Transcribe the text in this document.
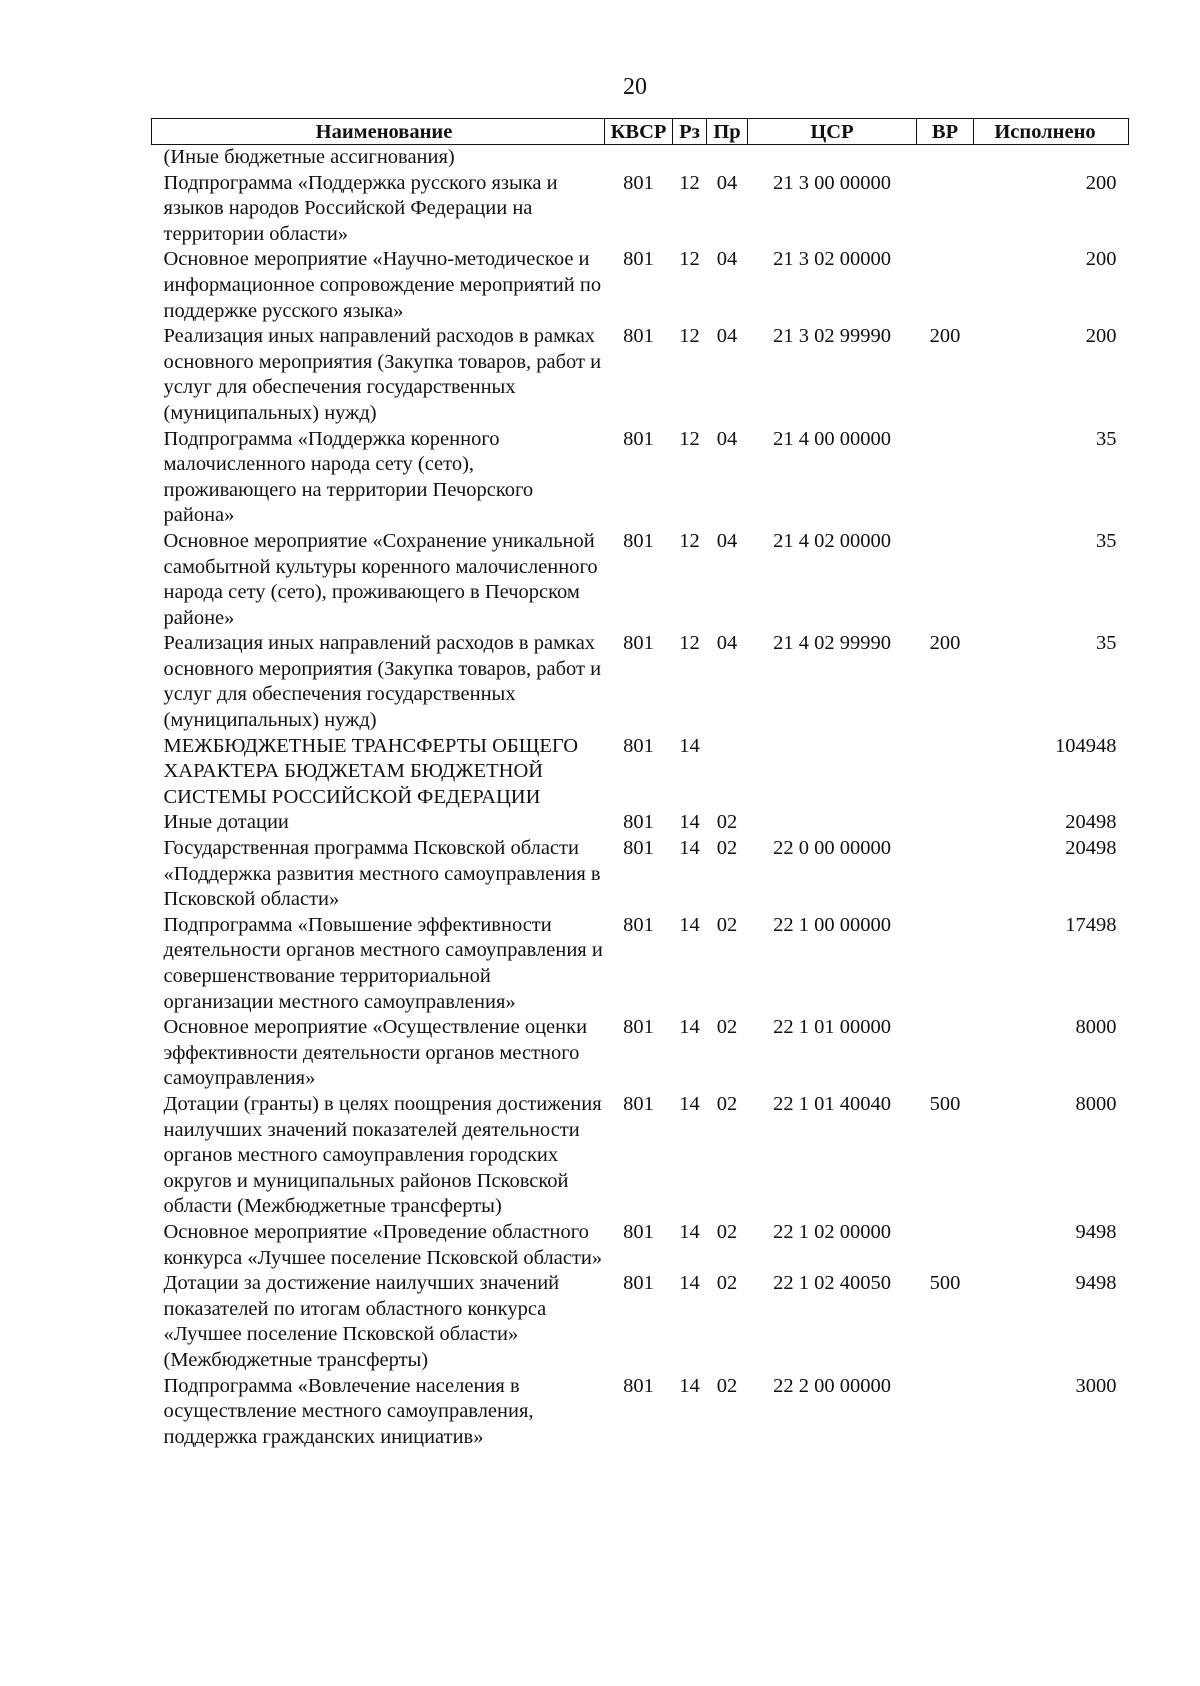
20
Наименование	КВСР	Рз	Пр	ЦСР	ВР	Исполнено
(Иные бюджетные ассигнования)						
Подпрограмма «Поддержка русского языка и языков народов Российской Федерации на территории области»	801	12	04	21 3 00 00000		200
Основное мероприятие «Научно-методическое и информационное сопровождение мероприятий по поддержке русского языка»	801	12	04	21 3 02 00000		200
Реализация иных направлений расходов в рамках основного мероприятия (Закупка товаров, работ и услуг для обеспечения государственных (муниципальных) нужд)	801	12	04	21 3 02 99990	200	200
Подпрограмма «Поддержка коренного малочисленного народа сету (сето), проживающего на территории Печорского района»	801	12	04	21 4 00 00000		35
Основное мероприятие «Сохранение уникальной самобытной культуры коренного малочисленного народа сету (сето), проживающего в Печорском районе»	801	12	04	21 4 02 00000		35
Реализация иных направлений расходов в рамках основного мероприятия (Закупка товаров, работ и услуг для обеспечения государственных (муниципальных) нужд)	801	12	04	21 4 02 99990	200	35
МЕЖБЮДЖЕТНЫЕ ТРАНСФЕРТЫ ОБЩЕГО ХАРАКТЕРА БЮДЖЕТАМ БЮДЖЕТНОЙ СИСТЕМЫ РОССИЙСКОЙ ФЕДЕРАЦИИ	801	14				104948
Иные дотации	801	14	02			20498
Государственная программа Псковской области «Поддержка развития местного самоуправления в Псковской области»	801	14	02	22 0 00 00000		20498
Подпрограмма «Повышение эффективности деятельности органов местного самоуправления и совершенствование территориальной организации местного самоуправления»	801	14	02	22 1 00 00000		17498
Основное мероприятие «Осуществление оценки эффективности деятельности органов местного самоуправления»	801	14	02	22 1 01 00000		8000
Дотации (гранты) в целях поощрения достижения наилучших значений показателей деятельности органов местного самоуправления городских округов и муниципальных районов Псковской области (Межбюджетные трансферты)	801	14	02	22 1 01 40040	500	8000
Основное мероприятие «Проведение областного конкурса «Лучшее поселение Псковской области»	801	14	02	22 1 02 00000		9498
Дотации за достижение наилучших значений показателей по итогам областного конкурса «Лучшее поселение Псковской области» (Межбюджетные трансферты)	801	14	02	22 1 02 40050	500	9498
Подпрограмма «Вовлечение населения в осуществление местного самоуправления, поддержка гражданских инициатив»	801	14	02	22 2 00 00000		3000
